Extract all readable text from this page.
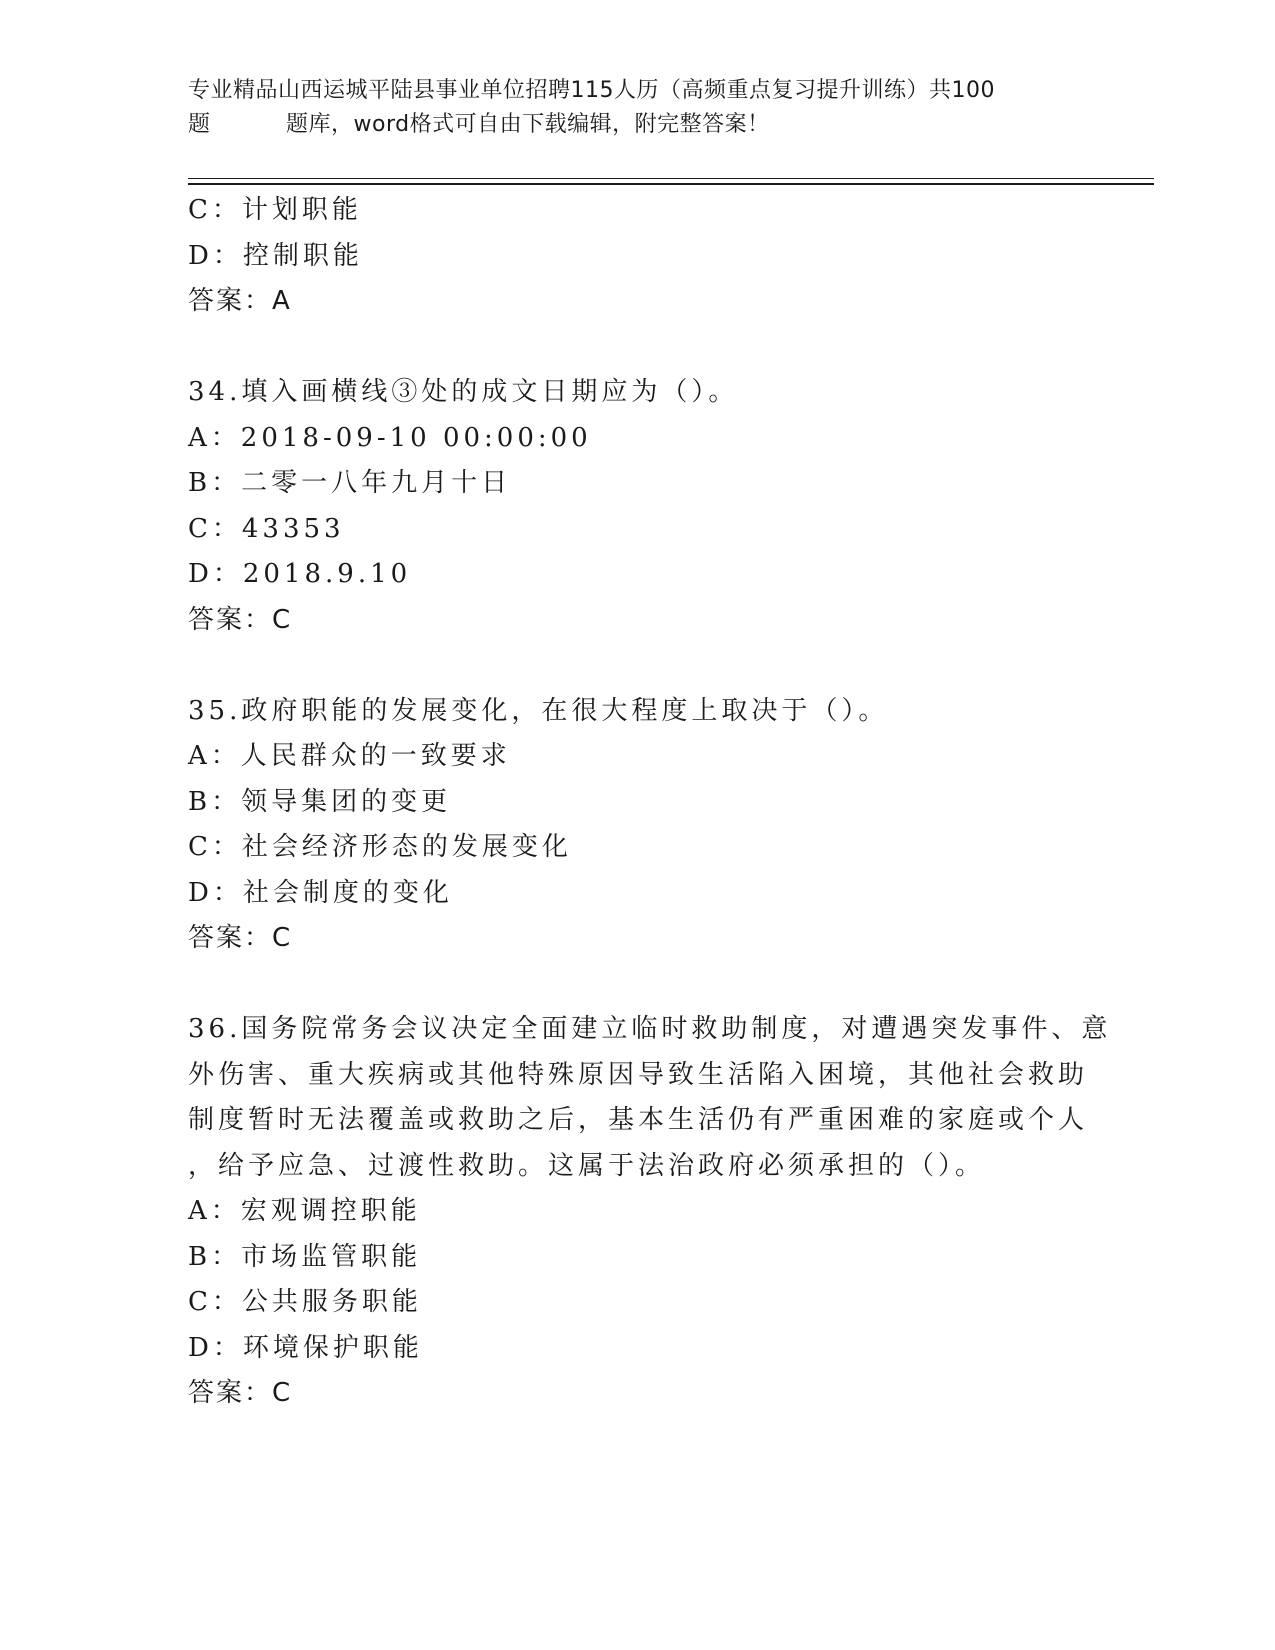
专业精品山西运城平陆县事业单位招聘115人历（高频重点复习提升训练）共100
题	题库，word格式可自由下载编辑，附完整答案！
C：计划职能
D：控制职能
答案：A
34.填入画横线③处的成文日期应为（）。
A：2018-09-10 00:00:00
B：二零一八年九月十日
C：43353
D：2018.9.10
答案：C
35.政府职能的发展变化，在很大程度上取决于（）。
A：人民群众的一致要求
B：领导集团的变更
C：社会经济形态的发展变化
D：社会制度的变化
答案：C
36.国务院常务会议决定全面建立临时救助制度，对遭遇突发事件、意
外伤害、重大疾病或其他特殊原因导致生活陷入困境，其他社会救助
制度暂时无法覆盖或救助之后，基本生活仍有严重困难的家庭或个人
，给予应急、过渡性救助。这属于法治政府必须承担的（）。
A：宏观调控职能
B：市场监管职能
C：公共服务职能
D：环境保护职能
答案：C
